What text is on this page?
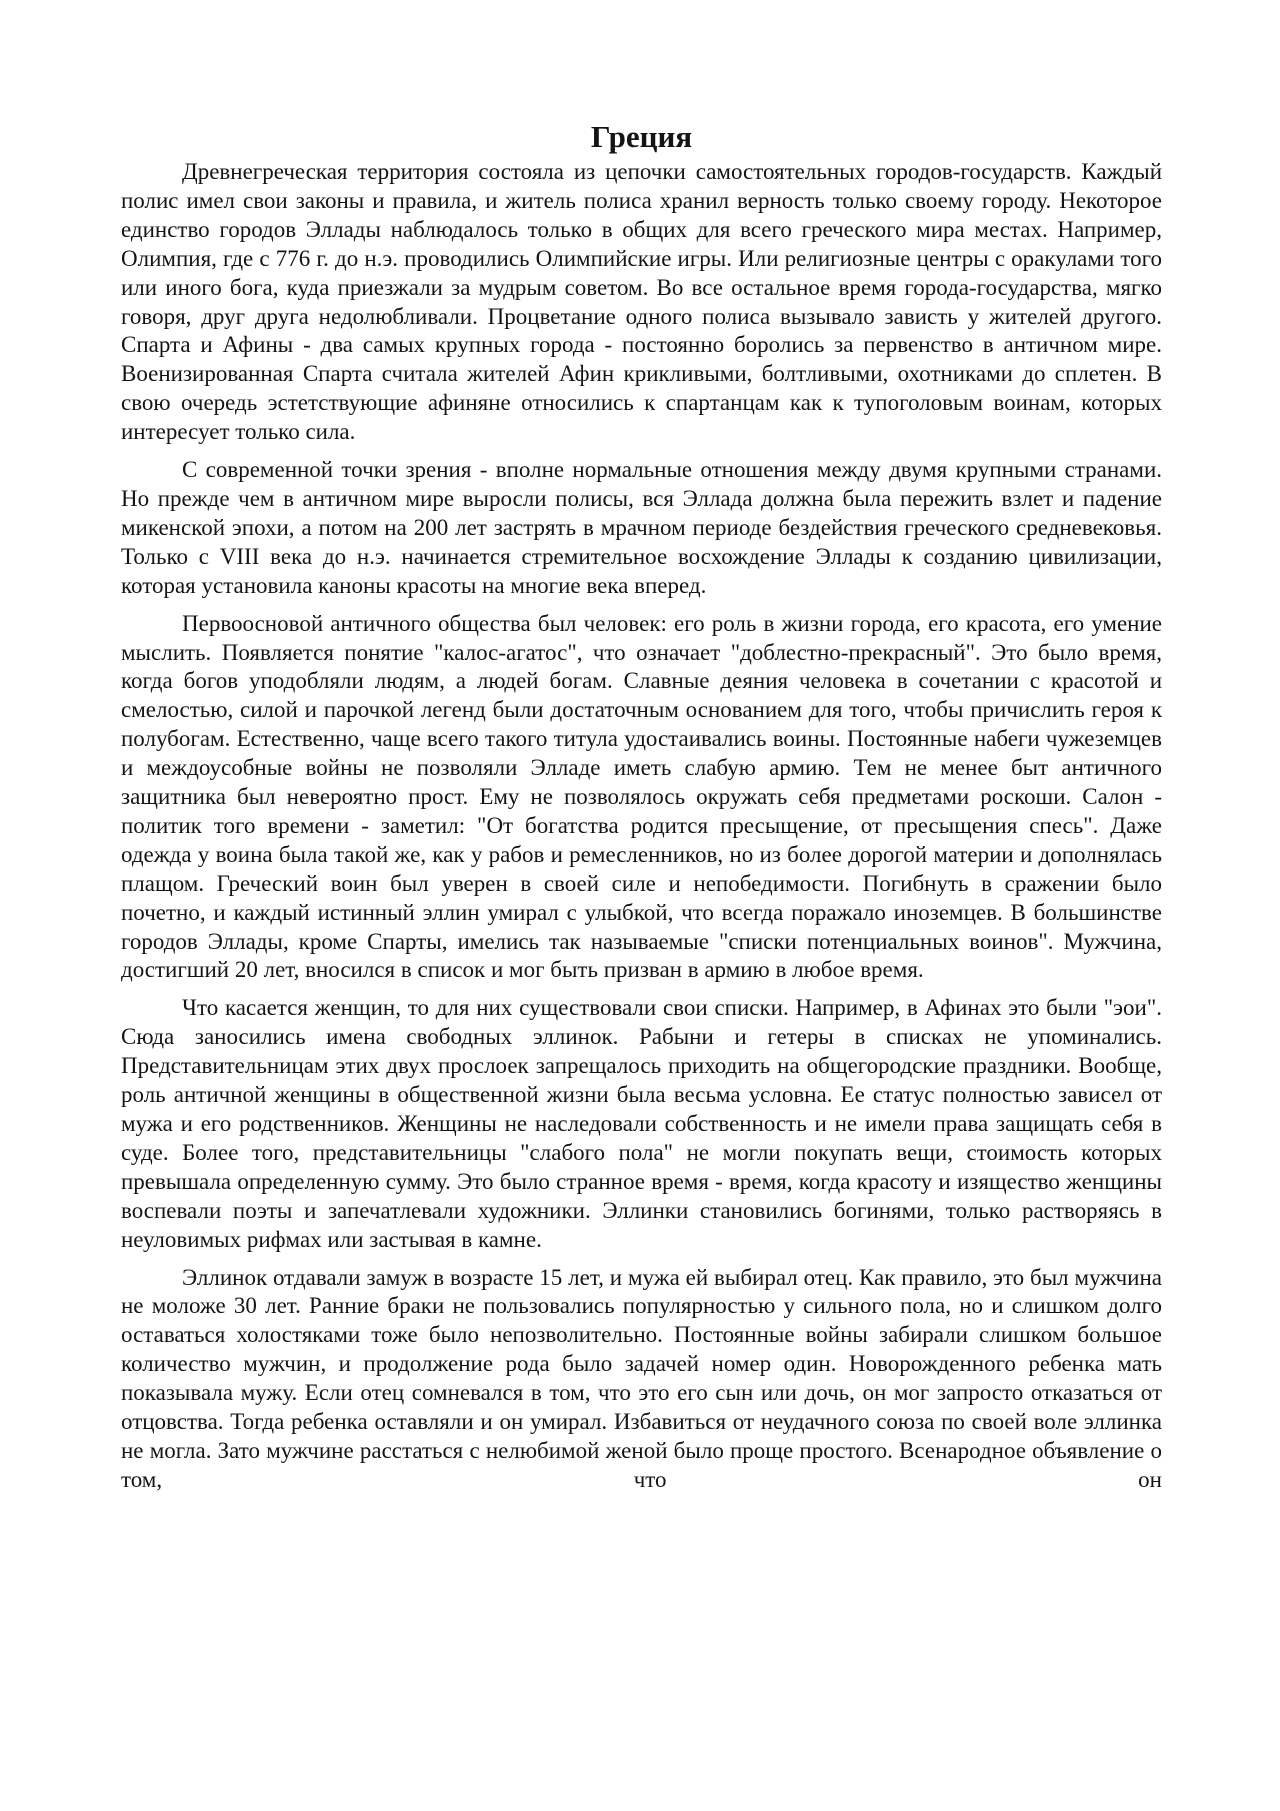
Греция

Древнегреческая территория состояла из цепочки самостоятельных городов-государств. Каждый полис имел свои законы и правила, и житель полиса хранил верность только своему городу. Некоторое единство городов Эллады наблюдалось только в общих для всего греческого мира местах. Например, Олимпия, где с 776 г. до н.э. проводились Олимпийские игры. Или религиозные центры с оракулами того или иного бога, куда приезжали за мудрым советом. Во все остальное время города-государства, мягко говоря, друг друга недолюбливали. Процветание одного полиса вызывало зависть у жителей другого. Спарта и Афины - два самых крупных города - постоянно боролись за первенство в античном мире. Военизированная Спарта считала жителей Афин крикливыми, болтливыми, охотниками до сплетен. В свою очередь эстетствующие афиняне относились к спартанцам как к тупоголовым воинам, которых интересует только сила.

С современной точки зрения - вполне нормальные отношения между двумя крупными странами. Но прежде чем в античном мире выросли полисы, вся Эллада должна была пережить взлет и падение микенской эпохи, а потом на 200 лет застрять в мрачном периоде бездействия греческого средневековья. Только с VIII века до н.э. начинается стремительное восхождение Эллады к созданию цивилизации, которая установила каноны красоты на многие века вперед.

Первоосновой античного общества был человек: его роль в жизни города, его красота, его умение мыслить. Появляется понятие "калос-агатос", что означает "доблестно-прекрасный". Это было время, когда богов уподобляли людям, а людей богам. Славные деяния человека в сочетании с красотой и смелостью, силой и парочкой легенд были достаточным основанием для того, чтобы причислить героя к полубогам. Естественно, чаще всего такого титула удостаивались воины. Постоянные набеги чужеземцев и междоусобные войны не позволяли Элладе иметь слабую армию. Тем не менее быт античного защитника был невероятно прост. Ему не позволялось окружать себя предметами роскоши. Салон - политик того времени - заметил: "От богатства родится пресыщение, от пресыщения спесь". Даже одежда у воина была такой же, как у рабов и ремесленников, но из более дорогой материи и дополнялась плащом. Греческий воин был уверен в своей силе и непобедимости. Погибнуть в сражении было почетно, и каждый истинный эллин умирал с улыбкой, что всегда поражало иноземцев. В большинстве городов Эллады, кроме Спарты, имелись так называемые "списки потенциальных воинов". Мужчина, достигший 20 лет, вносился в список и мог быть призван в армию в любое время.

Что касается женщин, то для них существовали свои списки. Например, в Афинах это были "эои". Сюда заносились имена свободных эллинок. Рабыни и гетеры в списках не упоминались. Представительницам этих двух прослоек запрещалось приходить на общегородские праздники. Вообще, роль античной женщины в общественной жизни была весьма условна. Ее статус полностью зависел от мужа и его родственников. Женщины не наследовали собственность и не имели права защищать себя в суде. Более того, представительницы "слабого пола" не могли покупать вещи, стоимость которых превышала определенную сумму. Это было странное время - время, когда красоту и изящество женщины воспевали поэты и запечатлевали художники. Эллинки становились богинями, только растворяясь в неуловимых рифмах или застывая в камне.

Эллинок отдавали замуж в возрасте 15 лет, и мужа ей выбирал отец. Как правило, это был мужчина не моложе 30 лет. Ранние браки не пользовались популярностью у сильного пола, но и слишком долго оставаться холостяками тоже было непозволительно. Постоянные войны забирали слишком большое количество мужчин, и продолжение рода было задачей номер один. Новорожденного ребенка мать показывала мужу. Если отец сомневался в том, что это его сын или дочь, он мог запросто отказаться от отцовства. Тогда ребенка оставляли и он умирал. Избавиться от неудачного союза по своей воле эллинка не могла. Зато мужчине расстаться с нелюбимой женой было проще простого. Всенародное объявление о том, что он
